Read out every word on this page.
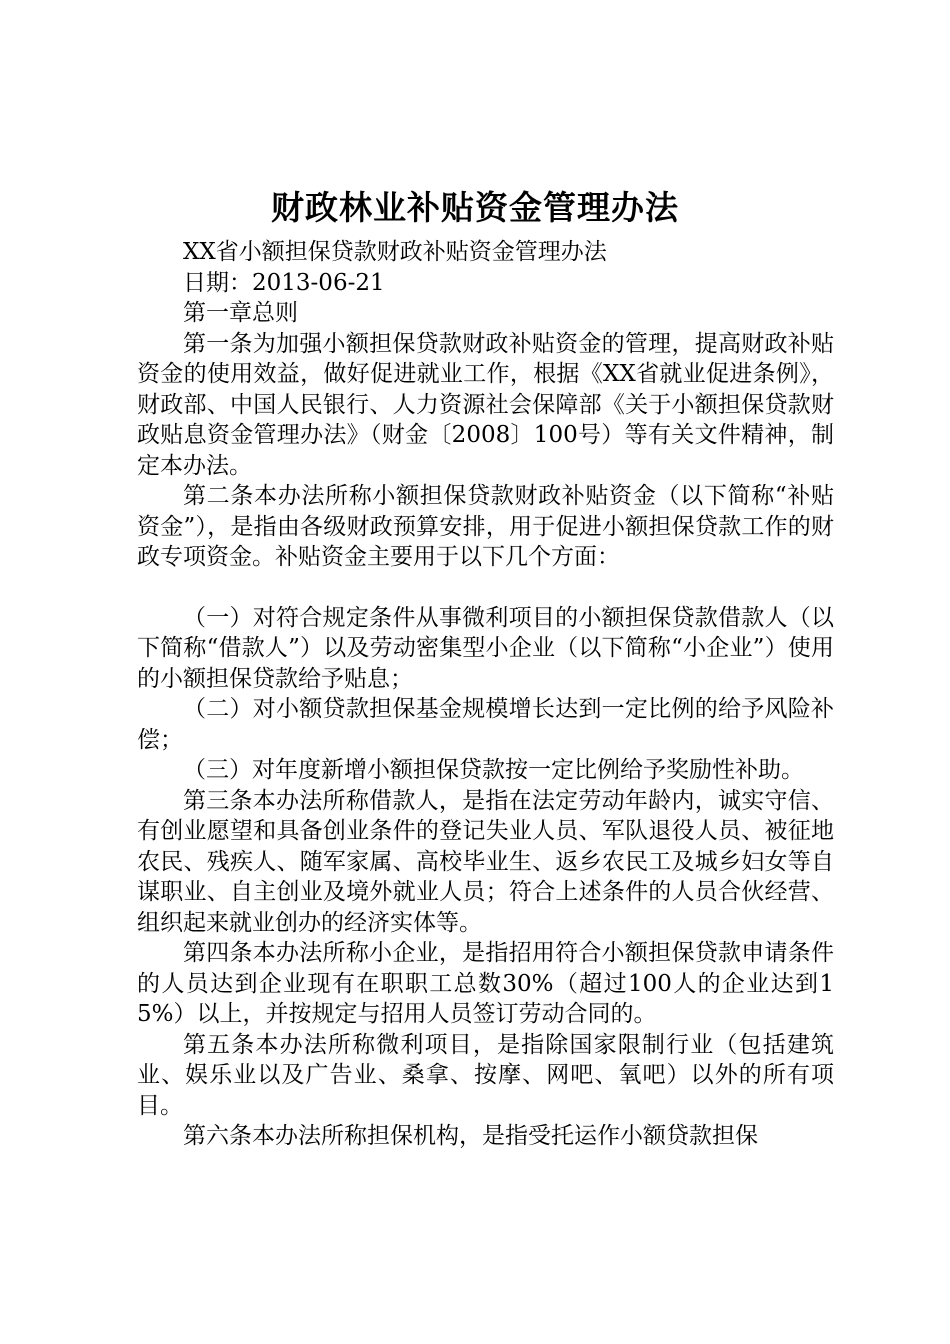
财政林业补贴资金管理办法

XX省小额担保贷款财政补贴资金管理办法

日期：2013-06-21

第一章总则

第一条为加强小额担保贷款财政补贴资金的管理，提高财政补贴资金的使用效益，做好促进就业工作，根据《XX省就业促进条例》，财政部、中国人民银行、人力资源社会保障部《关于小额担保贷款财政贴息资金管理办法》（财金〔2008〕100号）等有关文件精神，制定本办法。

第二条本办法所称小额担保贷款财政补贴资金（以下简称“补贴资金”），是指由各级财政预算安排，用于促进小额担保贷款工作的财政专项资金。补贴资金主要用于以下几个方面：

（一）对符合规定条件从事微利项目的小额担保贷款借款人（以下简称“借款人”）以及劳动密集型小企业（以下简称“小企业”）使用的小额担保贷款给予贴息；

（二）对小额贷款担保基金规模增长达到一定比例的给予风险补偿；

（三）对年度新增小额担保贷款按一定比例给予奖励性补助。

第三条本办法所称借款人，是指在法定劳动年龄内，诚实守信、有创业愿望和具备创业条件的登记失业人员、军队退役人员、被征地农民、残疾人、随军家属、高校毕业生、返乡农民工及城乡妇女等自谋职业、自主创业及境外就业人员；符合上述条件的人员合伙经营、组织起来就业创办的经济实体等。

第四条本办法所称小企业，是指招用符合小额担保贷款申请条件的人员达到企业现有在职职工总数30%（超过100人的企业达到15%）以上，并按规定与招用人员签订劳动合同的。

第五条本办法所称微利项目，是指除国家限制行业（包括建筑业、娱乐业以及广告业、桑拿、按摩、网吧、氧吧）以外的所有项目。

第六条本办法所称担保机构，是指受托运作小额贷款担保
